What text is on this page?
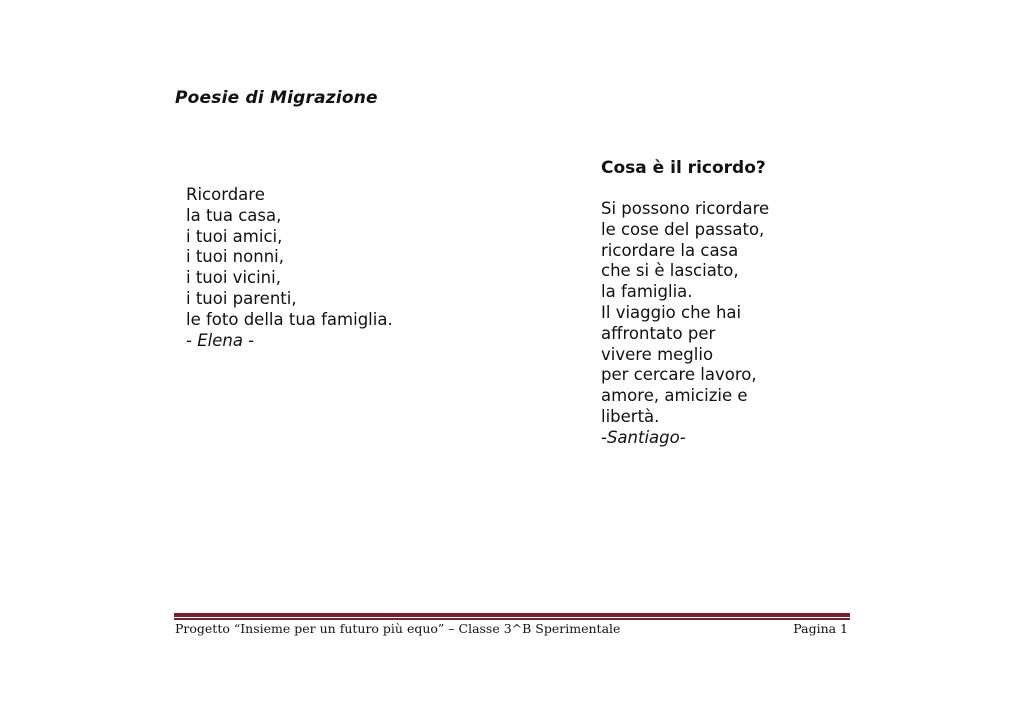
Poesie di Migrazione
Ricordare
la tua casa,
i tuoi amici,
i tuoi nonni,
i tuoi vicini,
i tuoi parenti,
le foto della tua famiglia.
- Elena -
Cosa è il ricordo?
Si possono ricordare
le cose del passato,
ricordare la casa
che si è lasciato,
la famiglia.
Il viaggio che hai
affrontato per
vivere meglio
per cercare lavoro,
amore, amicizie e
libertà.
-Santiago-
Progetto “Insieme per un futuro più equo” – Classe 3^B Sperimentale	Pagina 1
